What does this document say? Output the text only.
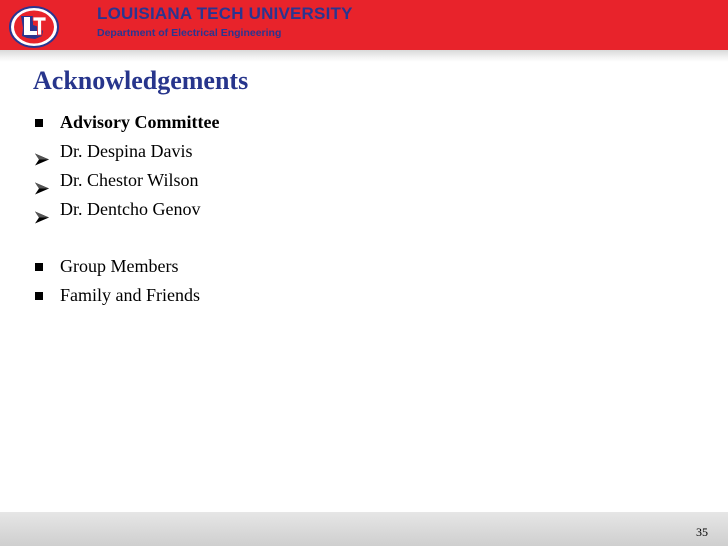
LOUISIANA TECH UNIVERSITY
Department of Electrical Engineering
Acknowledgements
Advisory Committee
Dr. Despina Davis
Dr. Chestor Wilson
Dr. Dentcho Genov
Group Members
Family and Friends
35
